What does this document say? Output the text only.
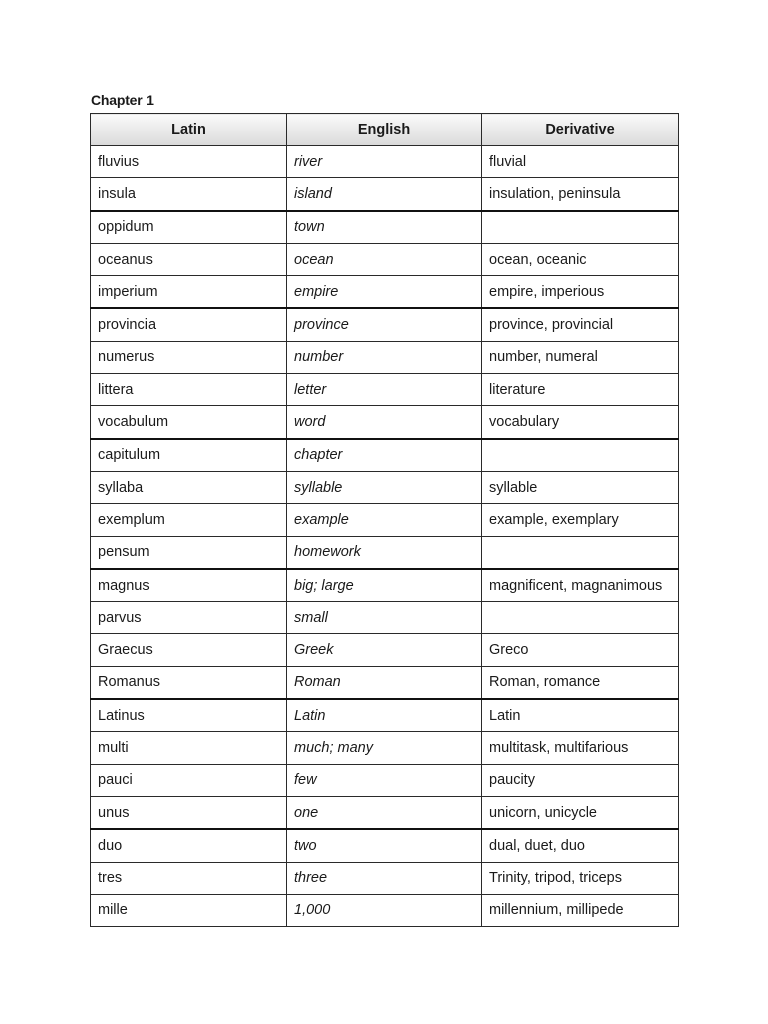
Chapter 1
Latin	English	Derivative
fluvius	river	fluvial
insula	island	insulation, peninsula
oppidum	town	
oceanus	ocean	ocean, oceanic
imperium	empire	empire, imperious
provincia	province	province, provincial
numerus	number	number, numeral
littera	letter	literature
vocabulum	word	vocabulary
capitulum	chapter	
syllaba	syllable	syllable
exemplum	example	example, exemplary
pensum	homework	
magnus	big; large	magnificent, magnanimous
parvus	small	
Graecus	Greek	Greco
Romanus	Roman	Roman, romance
Latinus	Latin	Latin
multi	much; many	multitask, multifarious
pauci	few	paucity
unus	one	unicorn, unicycle
duo	two	dual, duet, duo
tres	three	Trinity, tripod, triceps
mille	1,000	millennium, millipede
